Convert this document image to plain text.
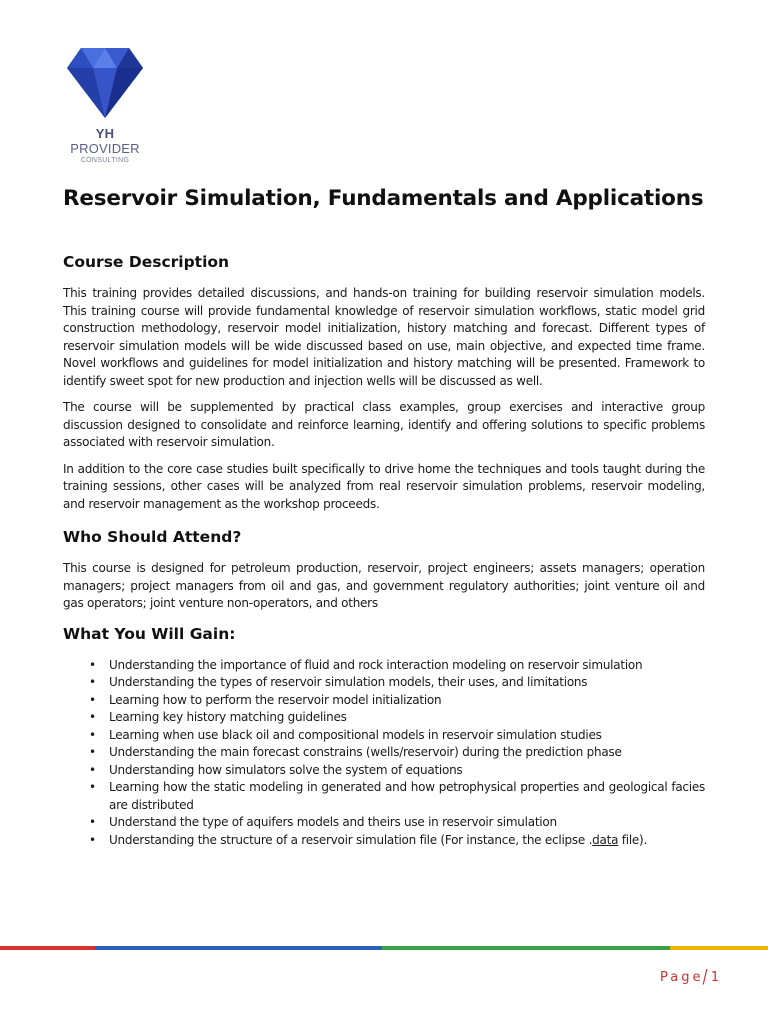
YH PROVIDER
CONSULTING
Reservoir Simulation, Fundamentals and Applications
Course Description

This training provides detailed discussions, and hands-on training for building reservoir simulation models. This training course will provide fundamental knowledge of reservoir simulation workflows, static model grid construction methodology, reservoir model initialization, history matching and forecast. Different types of reservoir simulation models will be wide discussed based on use, main objective, and expected time frame. Novel workflows and guidelines for model initialization and history matching will be presented. Framework to identify sweet spot for new production and injection wells will be discussed as well.

The course will be supplemented by practical class examples, group exercises and interactive group discussion designed to consolidate and reinforce learning, identify and offering solutions to specific problems associated with reservoir simulation.

In addition to the core case studies built specifically to drive home the techniques and tools taught during the training sessions, other cases will be analyzed from real reservoir simulation problems, reservoir modeling, and reservoir management as the workshop proceeds.

Who Should Attend?

This course is designed for petroleum production, reservoir, project engineers; assets managers; operation managers; project managers from oil and gas, and government regulatory authorities; joint venture oil and gas operators; joint venture non-operators, and others

What You Will Gain:
• Understanding the importance of fluid and rock interaction modeling on reservoir simulation
• Understanding the types of reservoir simulation models, their uses, and limitations
• Learning how to perform the reservoir model initialization
• Learning key history matching guidelines
• Learning when use black oil and compositional models in reservoir simulation studies
• Understanding the main forecast constrains (wells/reservoir) during the prediction phase
• Understanding how simulators solve the system of equations
• Learning how the static modeling in generated and how petrophysical properties and geological facies are distributed
• Understand the type of aquifers models and theirs use in reservoir simulation
• Understanding the structure of a reservoir simulation file (For instance, the eclipse .data file).
Page/1
